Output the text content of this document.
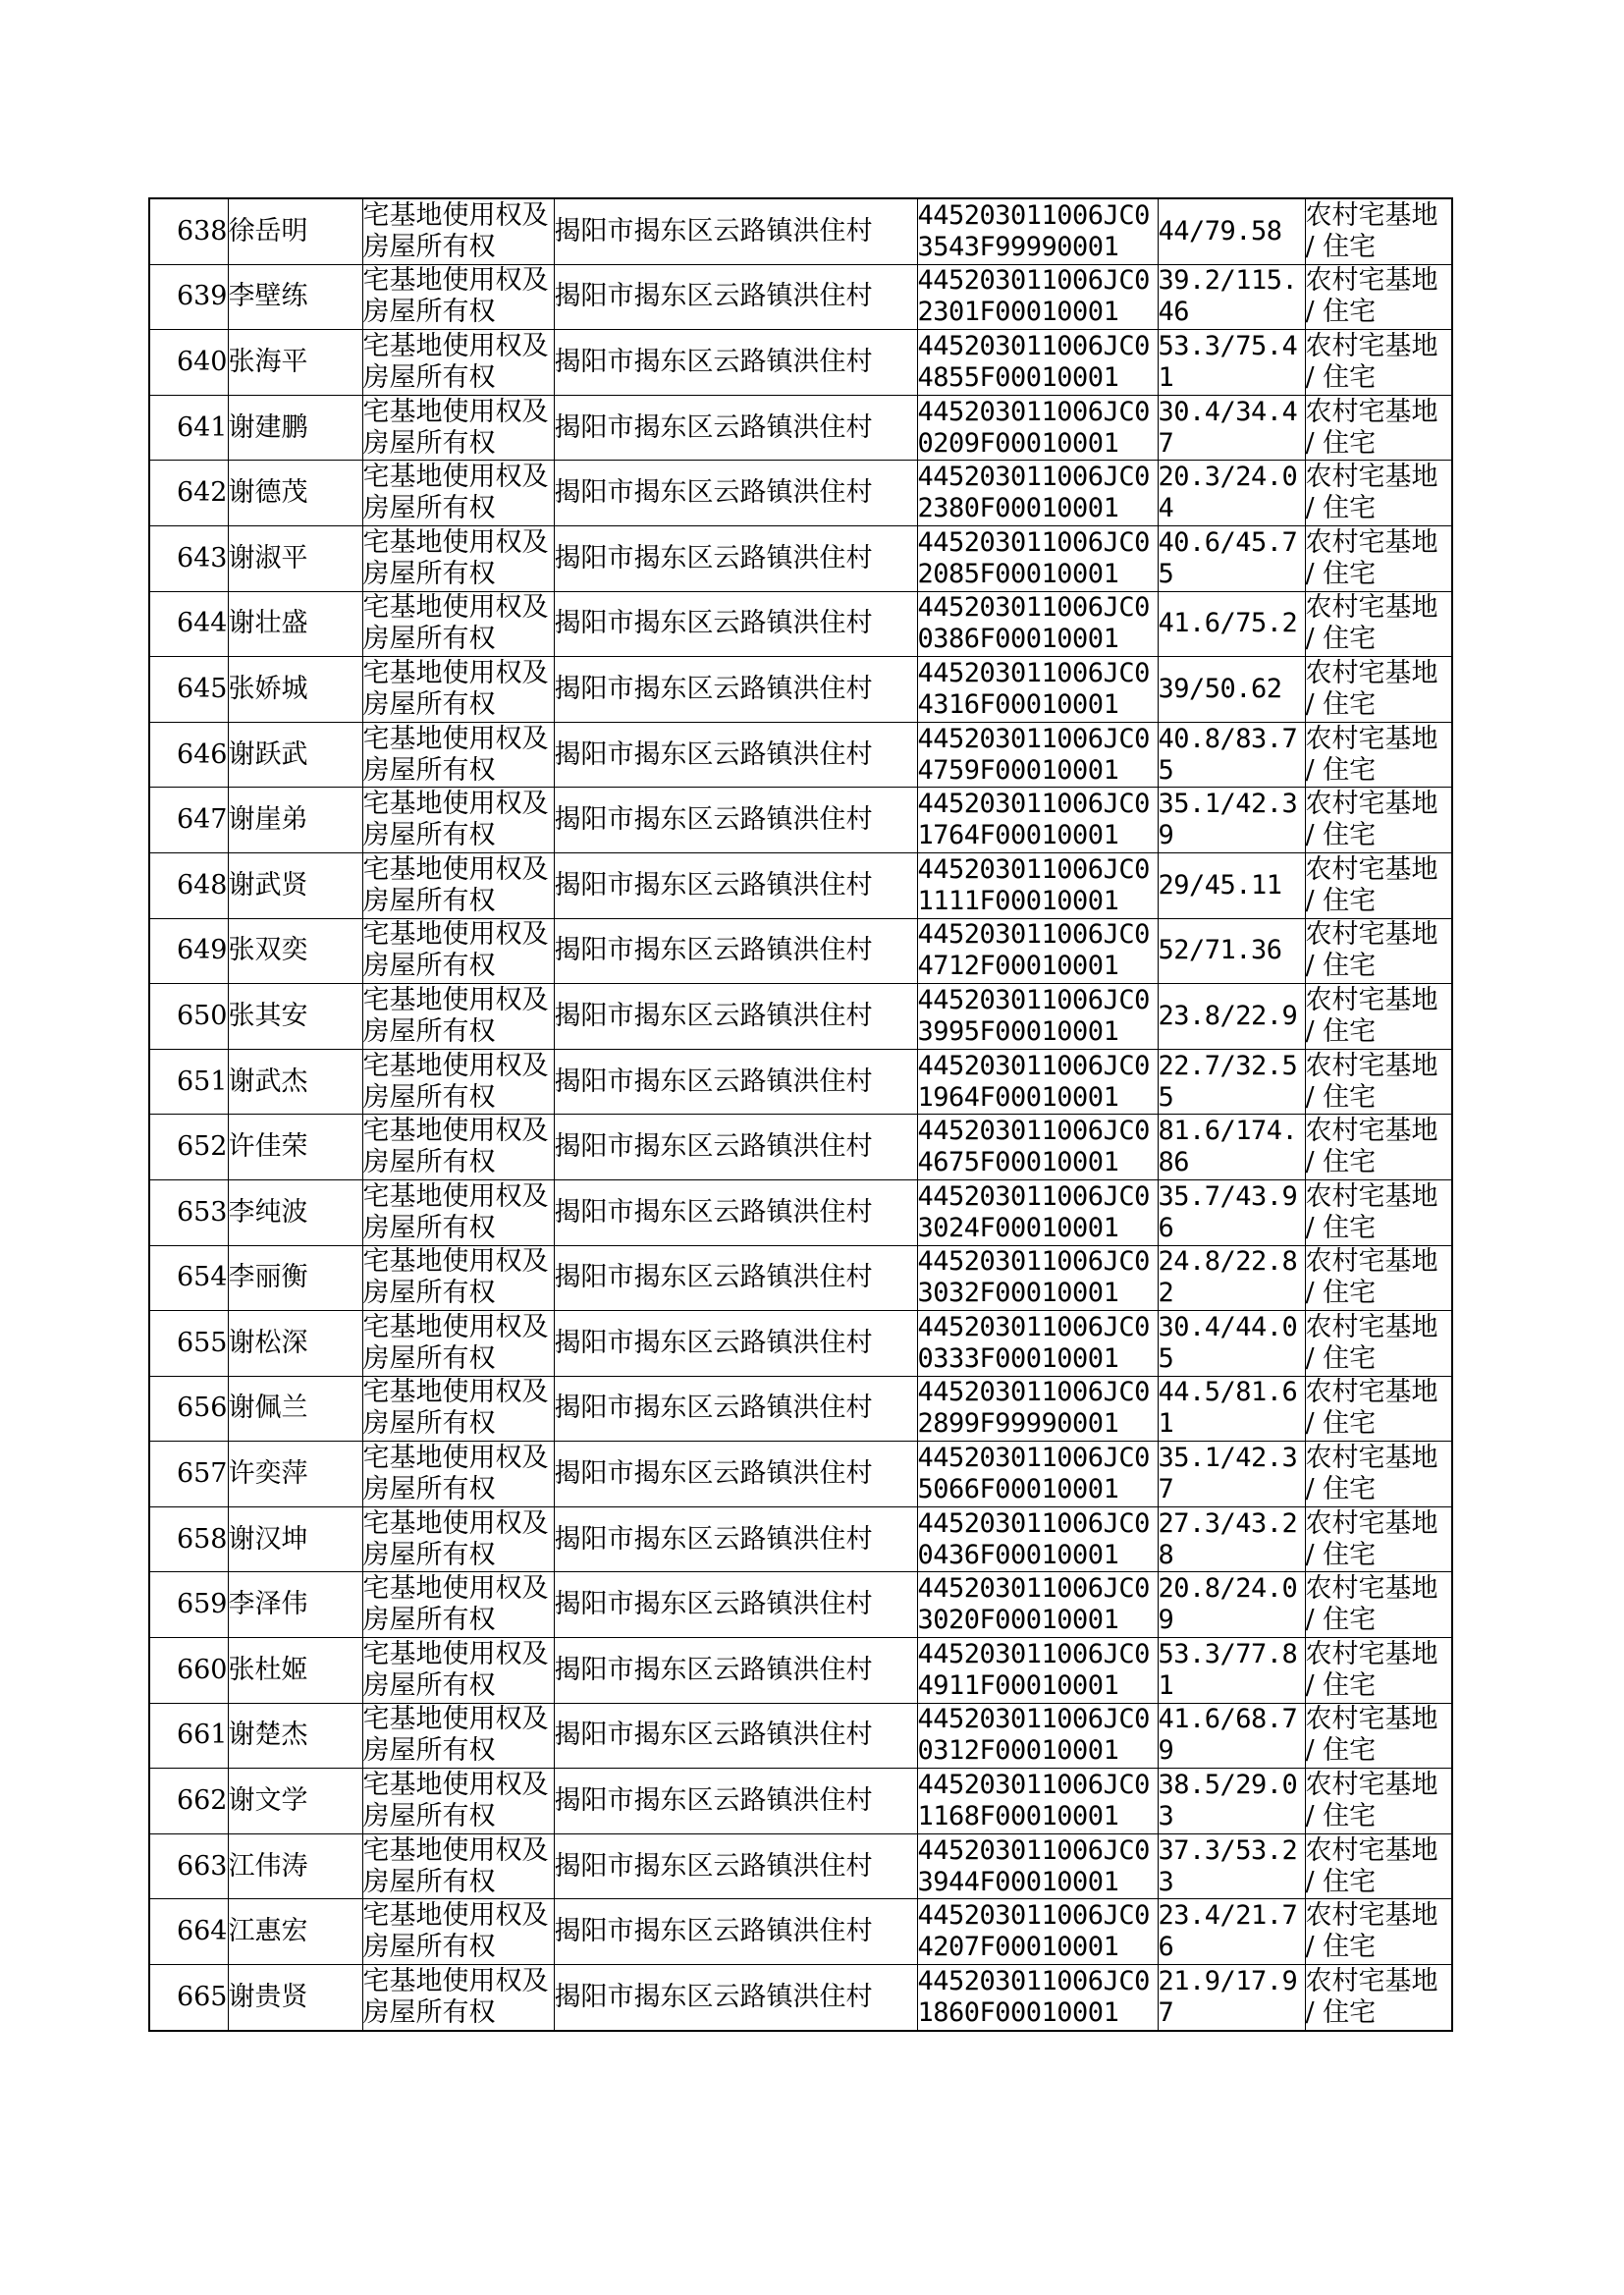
638	徐岳明	宅基地使用权及房屋所有权	揭阳市揭东区云路镇洪住村	445203011006JC03543F99990001	44/79.58	农村宅基地 / 住宅
639	李壁练	宅基地使用权及房屋所有权	揭阳市揭东区云路镇洪住村	445203011006JC02301F00010001	39.2/115.46	农村宅基地 / 住宅
640	张海平	宅基地使用权及房屋所有权	揭阳市揭东区云路镇洪住村	445203011006JC04855F00010001	53.3/75.41	农村宅基地 / 住宅
641	谢建鹏	宅基地使用权及房屋所有权	揭阳市揭东区云路镇洪住村	445203011006JC00209F00010001	30.4/34.47	农村宅基地 / 住宅
642	谢德茂	宅基地使用权及房屋所有权	揭阳市揭东区云路镇洪住村	445203011006JC02380F00010001	20.3/24.04	农村宅基地 / 住宅
643	谢淑平	宅基地使用权及房屋所有权	揭阳市揭东区云路镇洪住村	445203011006JC02085F00010001	40.6/45.75	农村宅基地 / 住宅
644	谢壮盛	宅基地使用权及房屋所有权	揭阳市揭东区云路镇洪住村	445203011006JC00386F00010001	41.6/75.2	农村宅基地 / 住宅
645	张娇城	宅基地使用权及房屋所有权	揭阳市揭东区云路镇洪住村	445203011006JC04316F00010001	39/50.62	农村宅基地 / 住宅
646	谢跃武	宅基地使用权及房屋所有权	揭阳市揭东区云路镇洪住村	445203011006JC04759F00010001	40.8/83.75	农村宅基地 / 住宅
647	谢崖弟	宅基地使用权及房屋所有权	揭阳市揭东区云路镇洪住村	445203011006JC01764F00010001	35.1/42.39	农村宅基地 / 住宅
648	谢武贤	宅基地使用权及房屋所有权	揭阳市揭东区云路镇洪住村	445203011006JC01111F00010001	29/45.11	农村宅基地 / 住宅
649	张双奕	宅基地使用权及房屋所有权	揭阳市揭东区云路镇洪住村	445203011006JC04712F00010001	52/71.36	农村宅基地 / 住宅
650	张其安	宅基地使用权及房屋所有权	揭阳市揭东区云路镇洪住村	445203011006JC03995F00010001	23.8/22.9	农村宅基地 / 住宅
651	谢武杰	宅基地使用权及房屋所有权	揭阳市揭东区云路镇洪住村	445203011006JC01964F00010001	22.7/32.55	农村宅基地 / 住宅
652	许佳荣	宅基地使用权及房屋所有权	揭阳市揭东区云路镇洪住村	445203011006JC04675F00010001	81.6/174.86	农村宅基地 / 住宅
653	李纯波	宅基地使用权及房屋所有权	揭阳市揭东区云路镇洪住村	445203011006JC03024F00010001	35.7/43.96	农村宅基地 / 住宅
654	李丽衡	宅基地使用权及房屋所有权	揭阳市揭东区云路镇洪住村	445203011006JC03032F00010001	24.8/22.82	农村宅基地 / 住宅
655	谢松深	宅基地使用权及房屋所有权	揭阳市揭东区云路镇洪住村	445203011006JC00333F00010001	30.4/44.05	农村宅基地 / 住宅
656	谢佩兰	宅基地使用权及房屋所有权	揭阳市揭东区云路镇洪住村	445203011006JC02899F99990001	44.5/81.61	农村宅基地 / 住宅
657	许奕萍	宅基地使用权及房屋所有权	揭阳市揭东区云路镇洪住村	445203011006JC05066F00010001	35.1/42.37	农村宅基地 / 住宅
658	谢汉坤	宅基地使用权及房屋所有权	揭阳市揭东区云路镇洪住村	445203011006JC00436F00010001	27.3/43.28	农村宅基地 / 住宅
659	李泽伟	宅基地使用权及房屋所有权	揭阳市揭东区云路镇洪住村	445203011006JC03020F00010001	20.8/24.09	农村宅基地 / 住宅
660	张杜姬	宅基地使用权及房屋所有权	揭阳市揭东区云路镇洪住村	445203011006JC04911F00010001	53.3/77.81	农村宅基地 / 住宅
661	谢楚杰	宅基地使用权及房屋所有权	揭阳市揭东区云路镇洪住村	445203011006JC00312F00010001	41.6/68.79	农村宅基地 / 住宅
662	谢文学	宅基地使用权及房屋所有权	揭阳市揭东区云路镇洪住村	445203011006JC01168F00010001	38.5/29.03	农村宅基地 / 住宅
663	江伟涛	宅基地使用权及房屋所有权	揭阳市揭东区云路镇洪住村	445203011006JC03944F00010001	37.3/53.23	农村宅基地 / 住宅
664	江惠宏	宅基地使用权及房屋所有权	揭阳市揭东区云路镇洪住村	445203011006JC04207F00010001	23.4/21.76	农村宅基地 / 住宅
665	谢贵贤	宅基地使用权及房屋所有权	揭阳市揭东区云路镇洪住村	445203011006JC01860F00010001	21.9/17.97	农村宅基地 / 住宅
